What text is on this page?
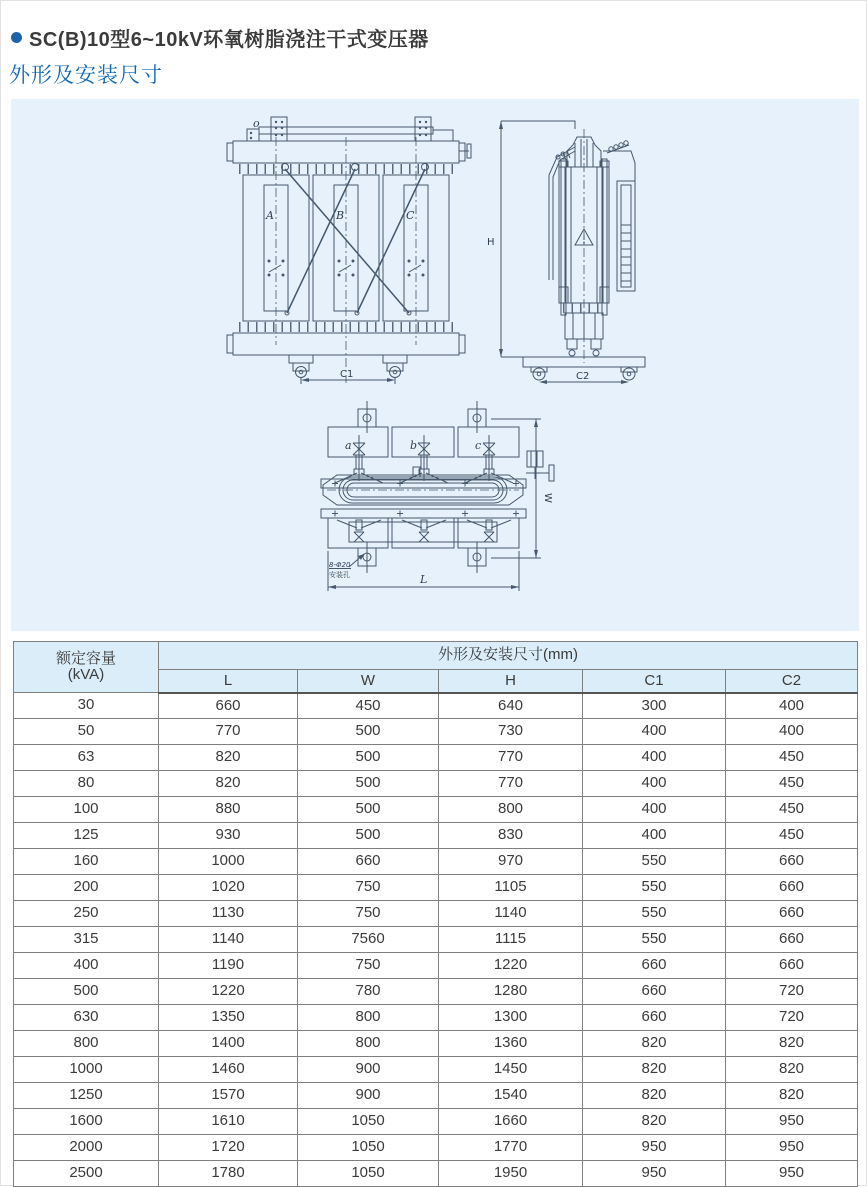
SC(B)10型6~10kV环氧树脂浇注干式变压器
外形及安装尺寸
o
A	B	C
C1
H
C2
a	b	c
W
L
8-Φ20
安装孔
额定容量
(kVA)	外形及安装尺寸(mm)				
	L	W	H	C1	C2
30	660	450	640	300	400
50	770	500	730	400	400
63	820	500	770	400	450
80	820	500	770	400	450
100	880	500	800	400	450
125	930	500	830	400	450
160	1000	660	970	550	660
200	1020	750	1105	550	660
250	1130	750	1140	550	660
315	1140	7560	1115	550	660
400	1190	750	1220	660	660
500	1220	780	1280	660	720
630	1350	800	1300	660	720
800	1400	800	1360	820	820
1000	1460	900	1450	820	820
1250	1570	900	1540	820	820
1600	1610	1050	1660	820	950
2000	1720	1050	1770	950	950
2500	1780	1050	1950	950	950
